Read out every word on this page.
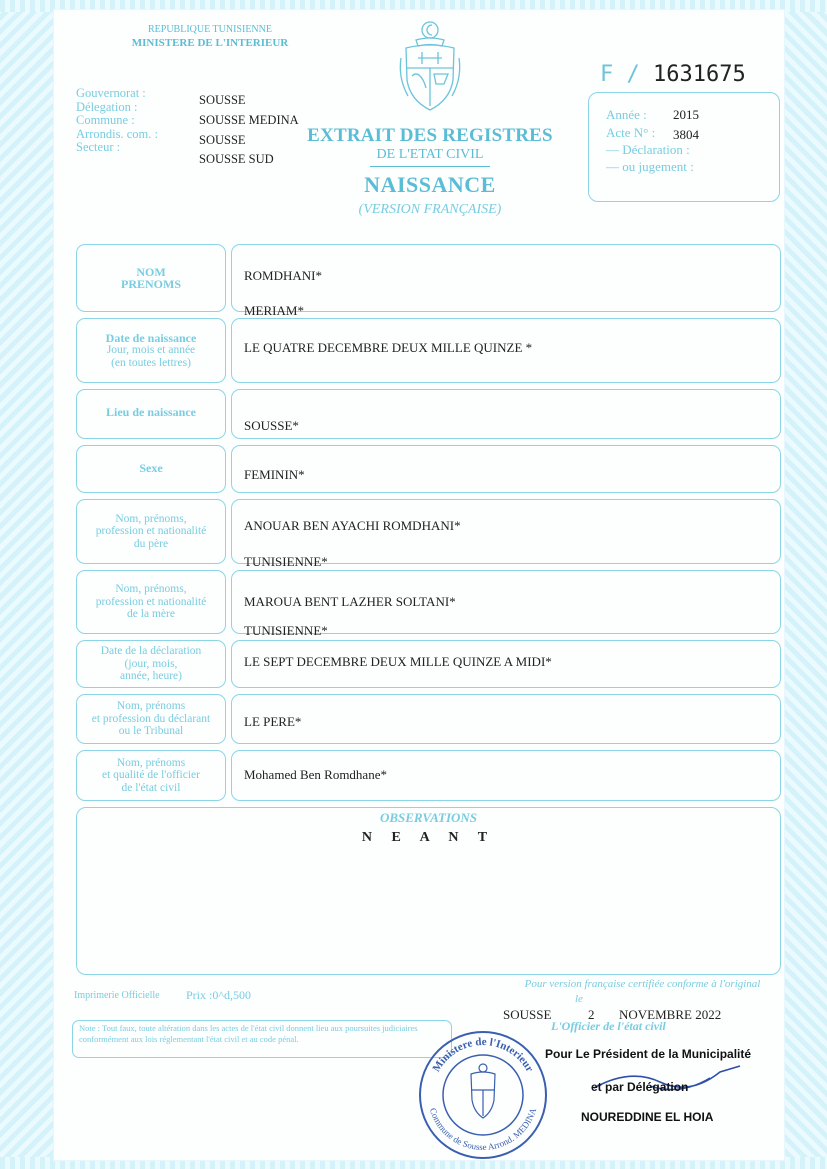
REPUBLIQUE TUNISIENNE
MINISTERE DE L'INTERIEUR
Gouvernorat :
Délegation :
Commune :
Arrondis. com. :
Secteur :
SOUSSE
SOUSSE MEDINA
SOUSSE
SOUSSE SUD
EXTRAIT DES REGISTRES
DE L'ETAT CIVIL
NAISSANCE
(VERSION FRANÇAISE)
F / 1631675
Année : 2015
Acte N° : 3804
— Déclaration :
— ou jugement :
NOM
PRENOMS
ROMDHANI*
MERIAM*
Date de naissance
Jour, mois et année
(en toutes lettres)
LE QUATRE DECEMBRE DEUX MILLE QUINZE *
Lieu de naissance
SOUSSE*
Sexe	FEMININ*
Nom, prénoms,
profession et nationalité
du père
ANOUAR BEN AYACHI ROMDHANI*
TUNISIENNE*
Nom, prénoms,
profession et nationalité
de la mère
MAROUA BENT LAZHER SOLTANI*
TUNISIENNE*
Date de la déclaration
(jour, mois,
année, heure)
LE SEPT DECEMBRE DEUX MILLE QUINZE A MIDI*
Nom, prénoms
et profession du déclarant
ou le Tribunal
LE PERE*
Nom, prénoms
et qualité de l'officier
de l'état civil
Mohamed Ben Romdhane*
OBSERVATIONS
N E A N T
Imprimerie Officielle Prix :0^d,500
Note : Tout faux, toute altération dans les actes de l'état civil donnent lieu aux poursuites judiciaires conformément aux lois réglementant l'état civil et au code pénal.
Pour version française certifiée conforme à l'original
le
SOUSSE	2 NOVEMBRE 2022
L'Officier de l'état civil
Ministere de l'Interieur
Commune de Sousse Arrond. MEDINA
Pour Le Président de la Municipalité
et par Délégation
NOUREDDINE EL HOIA
